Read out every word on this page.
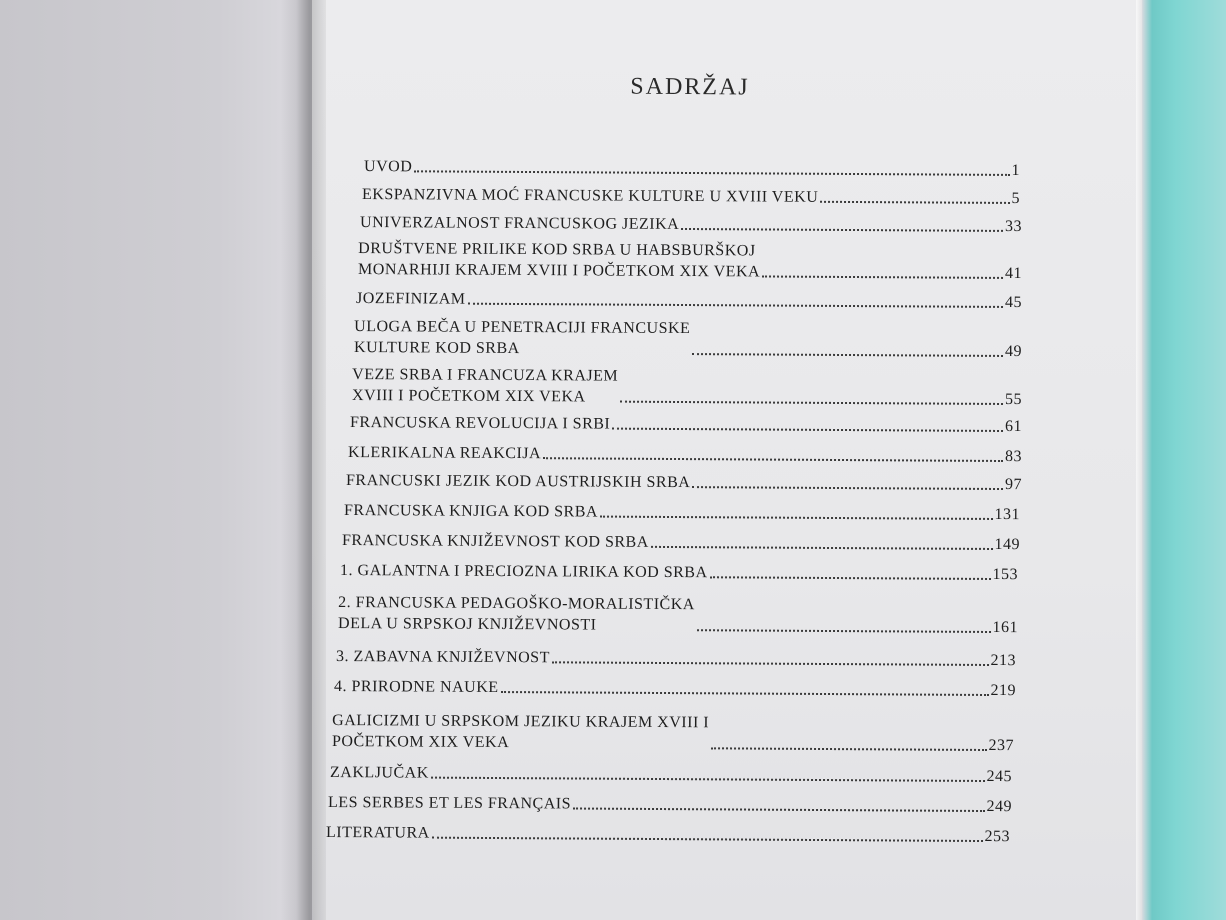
SADRŽAJ
UVOD	1
EKSPANZIVNA MOĆ FRANCUSKE KULTURE U XVIII VEKU	5
UNIVERZALNOST FRANCUSKOG JEZIKA	33
DRUŠTVENE PRILIKE KOD SRBA U HABSBURŠKOJ
MONARHIJI KRAJEM XVIII I POČETKOM XIX VEKA	41
JOZEFINIZAM	45
ULOGA BEČA U PENETRACIJI FRANCUSKE
KULTURE KOD SRBA	49
VEZE SRBA I FRANCUZA KRAJEM
XVIII I POČETKOM XIX VEKA	55
FRANCUSKA REVOLUCIJA I SRBI	61
KLERIKALNA REAKCIJA	83
FRANCUSKI JEZIK KOD AUSTRIJSKIH SRBA	97
FRANCUSKA KNJIGA KOD SRBA	131
FRANCUSKA KNJIŽEVNOST KOD SRBA	149
1. GALANTNA I PRECIOZNA LIRIKA KOD SRBA	153
2. FRANCUSKA PEDAGOŠKO-MORALISTIČKA
DELA U SRPSKOJ KNJIŽEVNOSTI	161
3. ZABAVNA KNJIŽEVNOST	213
4. PRIRODNE NAUKE	219
GALICIZMI U SRPSKOM JEZIKU KRAJEM XVIII I
POČETKOM XIX VEKA	237
ZAKLJUČAK	245
LES SERBES ET LES FRANÇAIS	249
LITERATURA	253
